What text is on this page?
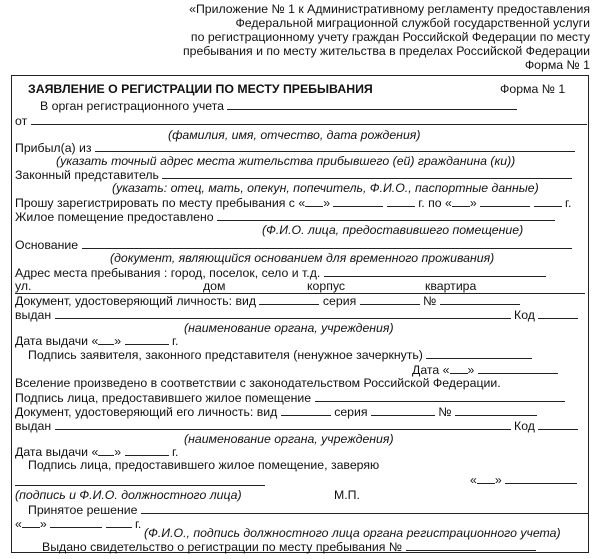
«Приложение № 1 к Административному регламенту предоставления
Федеральной миграционной службой государственной услуги
по регистрационному учету граждан Российской Федерации по месту
пребывания и по месту жительства в пределах Российской Федерации
Форма № 1
ЗАЯВЛЕНИЕ О РЕГИСТРАЦИИ ПО МЕСТУ ПРЕБЫВАНИЯ	Форма № 1
В орган регистрационного учета
от
(фамилия, имя, отчество, дата рождения)
Прибыл(а) из
(указать точный адрес места жительства прибывшего (ей) гражданина (ки))
Законный представитель
(указать: отец, мать, опекун, попечитель, Ф.И.О., паспортные данные)
Прошу зарегистрировать по месту пребывания с « »	г. по « »	г.
Жилое помещение предоставлено
(Ф.И.О. лица, предоставившего помещение)
Основание
(документ, являющийся основанием для временного проживания)
Адрес места пребывания : город, поселок, село и т.д.
ул.	дом	корпус	квартира
Документ, удостоверяющий личность: вид	серия	№
выдан	Код
(наименование органа, учреждения)
Дата выдачи « »	г.
Подпись заявителя, законного представителя (ненужное зачеркнуть)
Дата « »
Вселение произведено в соответствии с законодательством Российской Федерации.
Подпись лица, предоставившего жилое помещение
Документ, удостоверяющий его личность: вид	серия	№
выдан	Код
(наименование органа, учреждения)
Дата выдачи « »	г.
Подпись лица, предоставившего жилое помещение, заверяю
« »
(подпись и Ф.И.О. должностного лица)	М.П.
Принятое решение
« »	г.
(Ф.И.О., подпись должностного лица органа регистрационного учета)
Выдано свидетельство о регистрации по месту пребывания №
